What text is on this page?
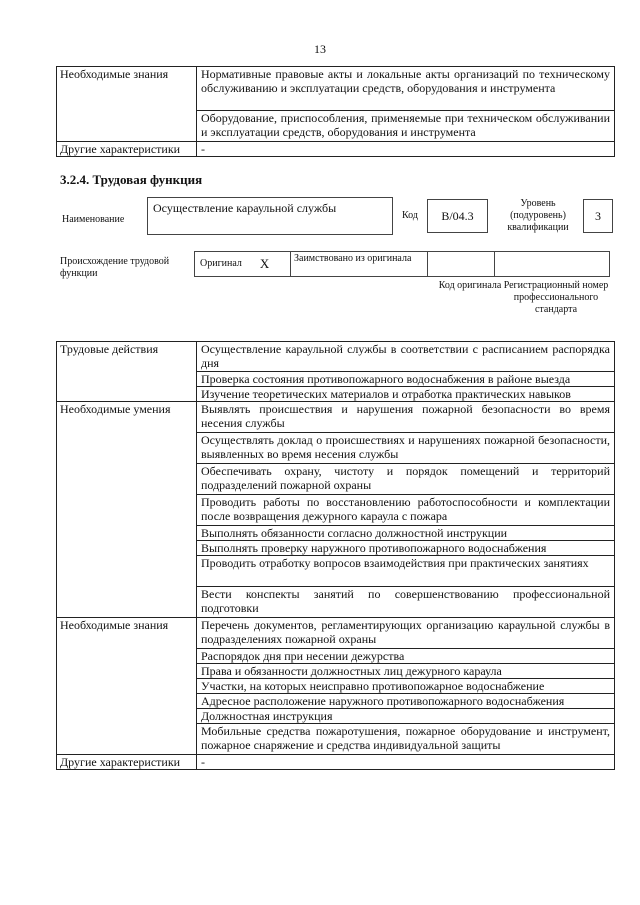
13
Необходимые знания	Нормативные правовые акты и локальные акты организаций по техническому обслуживанию и эксплуатации средств, оборудования и инструмента
	Оборудование, приспособления, применяемые при техническом обслуживании и эксплуатации средств, оборудования и инструмента
Другие характеристики	-
3.2.4. Трудовая функция
Наименование
Осуществление караульной службы
Код	B/04.3
Уровень (подуровень) квалификации
3
Происхождение трудовой функции
Оригинал X	Заимствовано из оригинала
Код оригинала Регистрационный номер профессионального стандарта
Трудовые действия	Осуществление караульной службы в соответствии с расписанием распорядка дня
	Проверка состояния противопожарного водоснабжения в районе выезда
	Изучение теоретических материалов и отработка практических навыков
Необходимые умения	Выявлять происшествия и нарушения пожарной безопасности во время несения службы
	Осуществлять доклад о происшествиях и нарушениях пожарной безопасности, выявленных во время несения службы
	Обеспечивать охрану, чистоту и порядок помещений и территорий подразделений пожарной охраны
	Проводить работы по восстановлению работоспособности и комплектации после возвращения дежурного караула с пожара
	Выполнять обязанности согласно должностной инструкции
	Выполнять проверку наружного противопожарного водоснабжения
	Проводить отработку вопросов взаимодействия при практических занятиях
	Вести конспекты занятий по совершенствованию профессиональной подготовки
Необходимые знания	Перечень документов, регламентирующих организацию караульной службы в подразделениях пожарной охраны
	Распорядок дня при несении дежурства
	Права и обязанности должностных лиц дежурного караула
	Участки, на которых неисправно противопожарное водоснабжение
	Адресное расположение наружного противопожарного водоснабжения
	Должностная инструкция
	Мобильные средства пожаротушения, пожарное оборудование и инструмент, пожарное снаряжение и средства индивидуальной защиты
Другие характеристики	-
